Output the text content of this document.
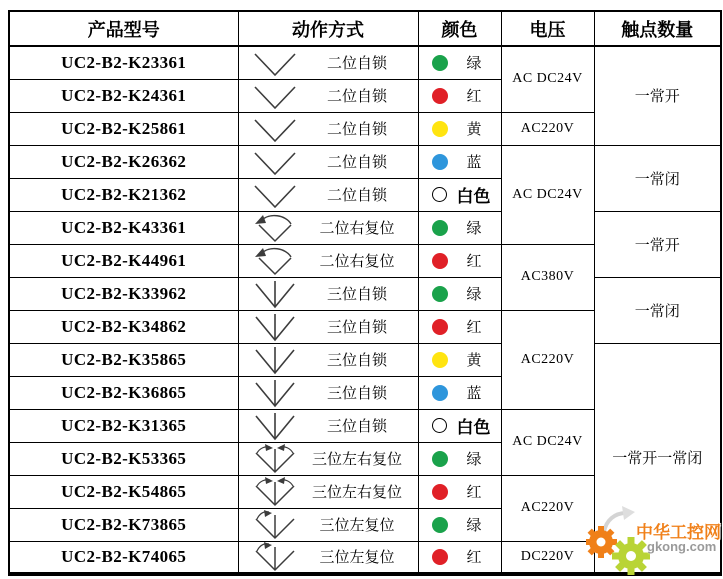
产品型号	动作方式	颜色	电压	触点数量
UC2-B2-K23361	二位自锁	绿	AC DC24V	一常开
UC2-B2-K24361	二位自锁	红		

UC2-B2-K25861	二位自锁	黄	AC220V	
UC2-B2-K26362	二位自锁	蓝	AC DC24V	一常闭
UC2-B2-K21362	二位自锁	白色		

UC2-B2-K43361	二位右复位	绿		一常开
UC2-B2-K44961	二位右复位	红	AC380V	
UC2-B2-K33962	三位自锁	绿		一常闭
UC2-B2-K34862	三位自锁	红	AC220V	
UC2-B2-K35865	三位自锁	黄		一常开一常闭
UC2-B2-K36865	三位自锁	蓝		

UC2-B2-K31365	三位自锁	白色	AC DC24V	
UC2-B2-K53365	三位左右复位	绿		

UC2-B2-K54865	三位左右复位	红	AC220V	
UC2-B2-K73865	三位左复位	绿		

UC2-B2-K74065	三位左复位	红	DC220V	
中华工控网
gkong.com
